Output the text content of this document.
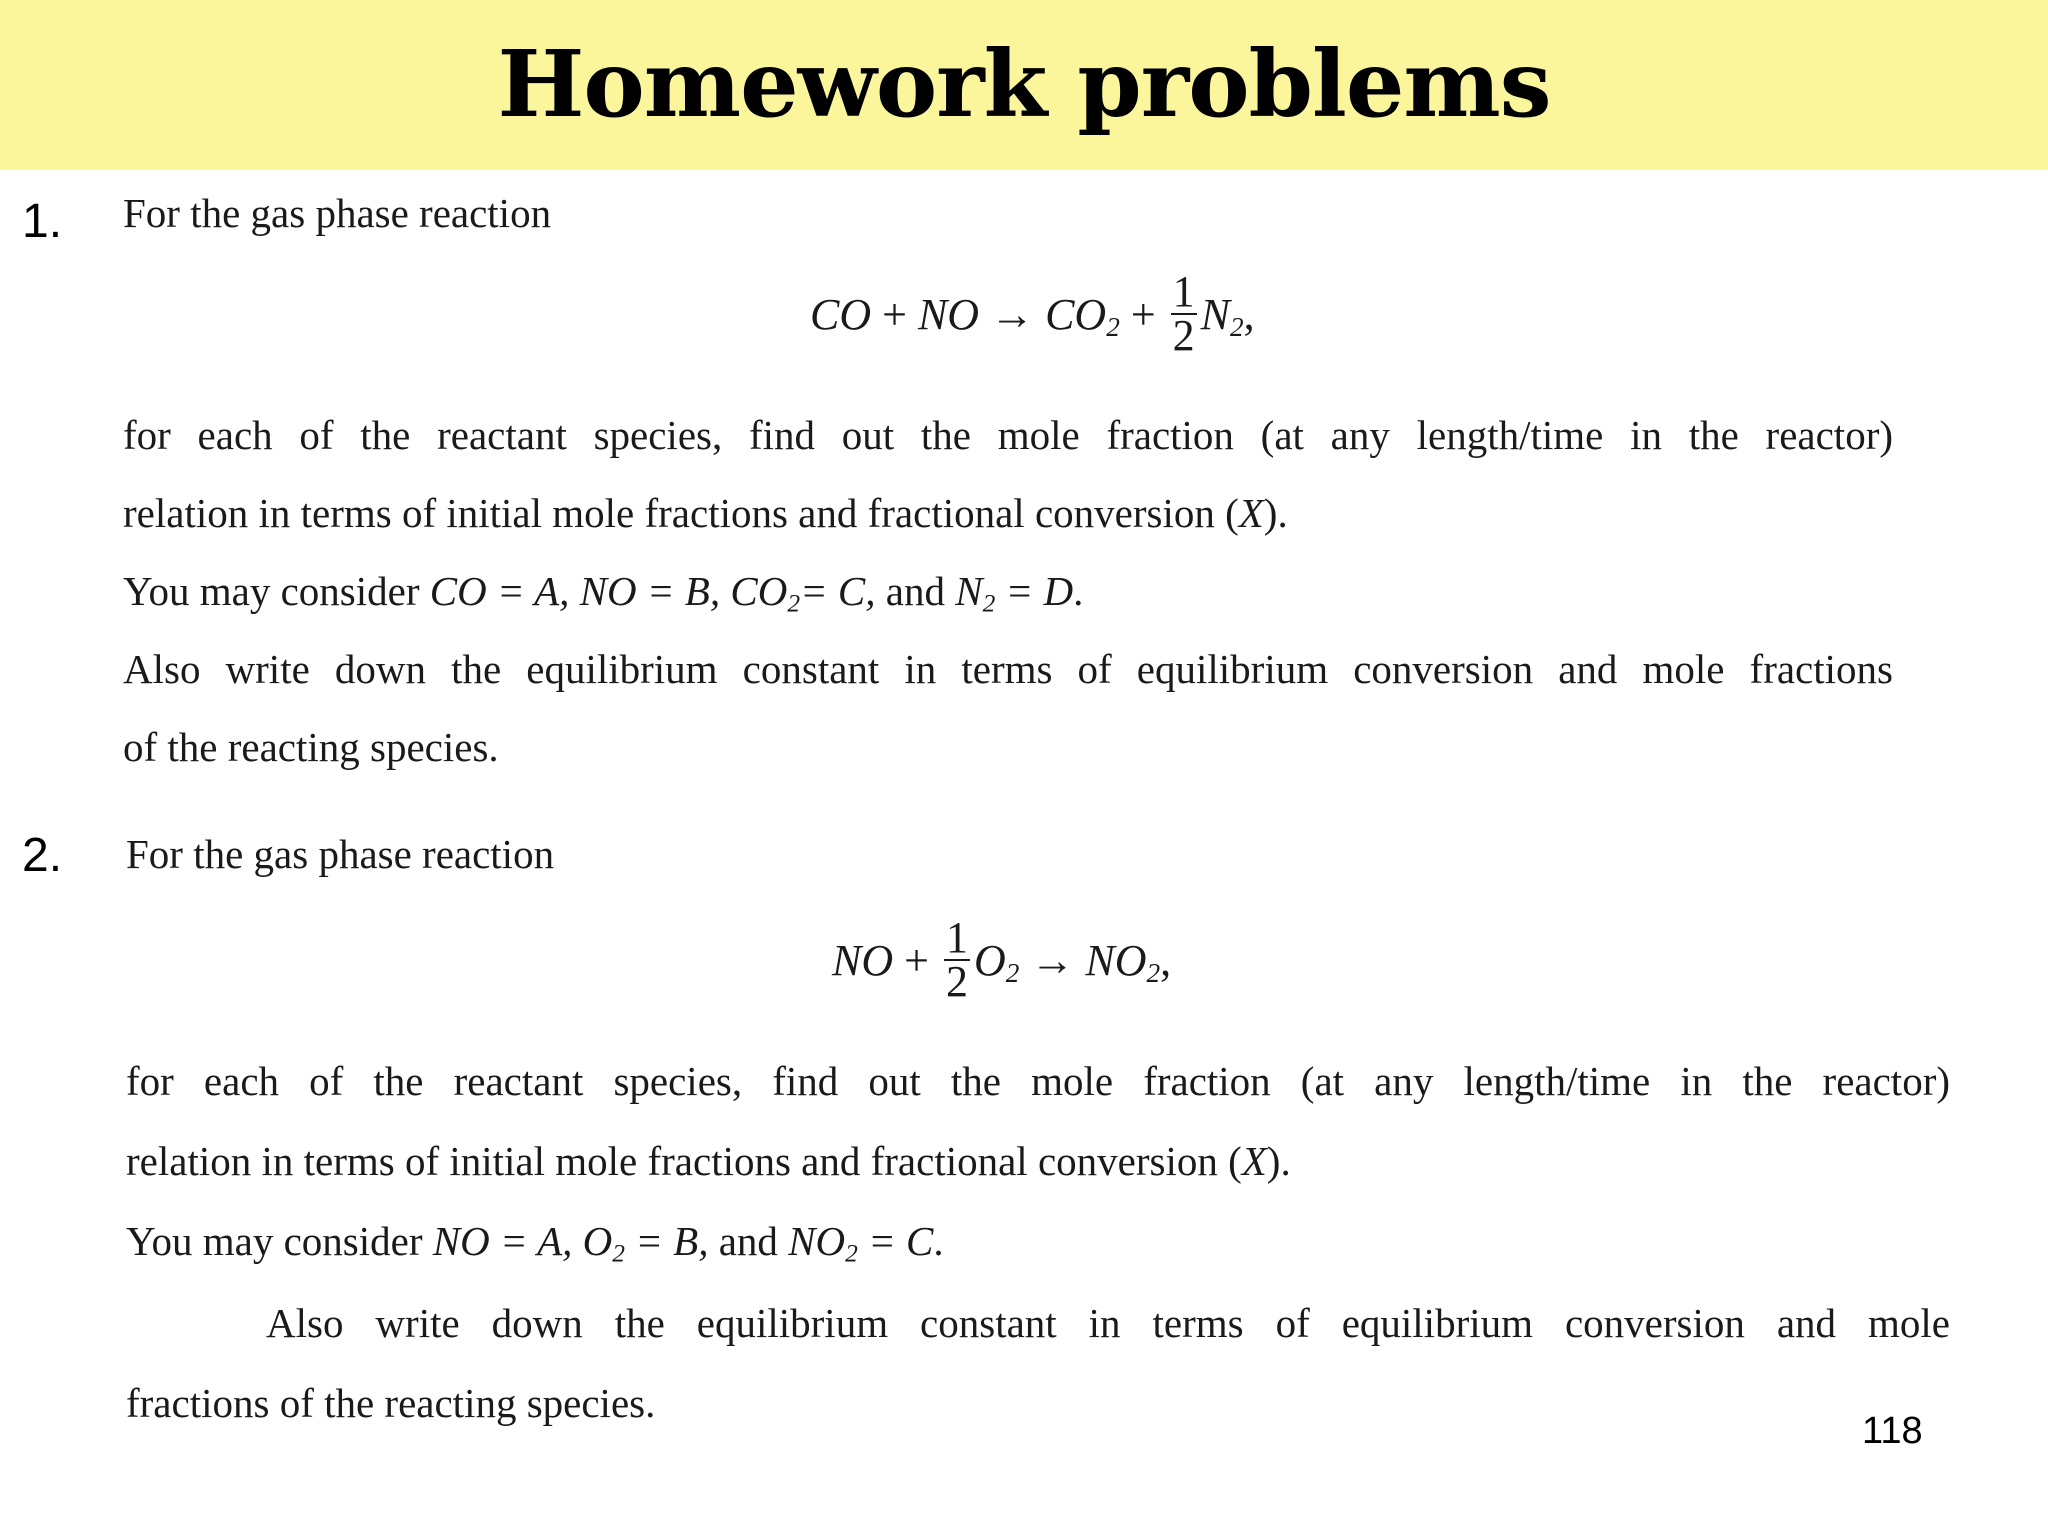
Homework problems
1. For the gas phase reaction
CO + NO → $CO_2 + \frac{1}{2} N_2$ ,
for each of the reactant species, find out the mole fraction (at any length/time in the reactor)
relation in terms of initial mole fractions and fractional conversion (X).
You may consider CO = A, NO = B, $CO_2= C$, and $N_2 = D$.
Also write down the equilibrium constant in terms of equilibrium conversion and mole fractions
of the reacting species.
2. For the gas phase reaction
NO + $\frac{1}{2} O_2 \to NO_2$ ,
for each of the reactant species, find out the mole fraction (at any length/time in the reactor)
relation in terms of initial mole fractions and fractional conversion (X).
You may consider NO = A, $O_2 = B$, and $NO_2 = C$.
Also write down the equilibrium constant in terms of equilibrium conversion and mole
fractions of the reacting species.
118
